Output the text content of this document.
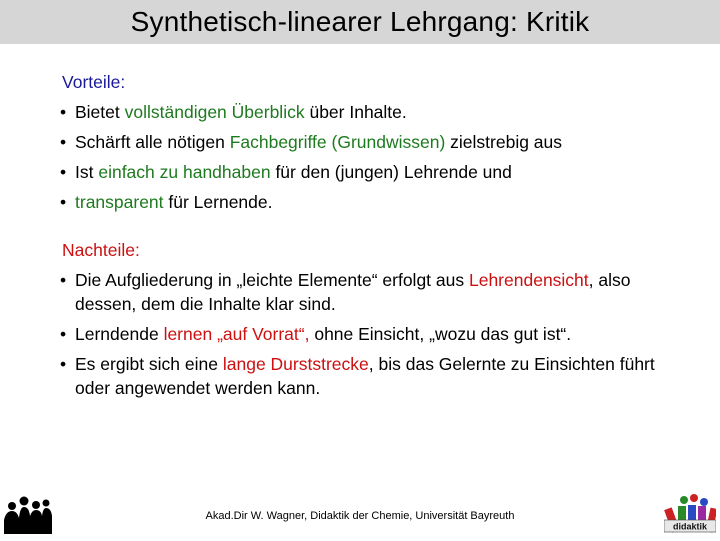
Synthetisch-linearer Lehrgang: Kritik
Vorteile:
• Bietet vollständigen Überblick über Inhalte.
• Schärft alle nötigen Fachbegriffe (Grundwissen) zielstrebig aus
• Ist einfach zu handhaben für den (jungen) Lehrende und
• transparent für Lernende.
Nachteile:
• Die Aufgliederung in „leichte Elemente“ erfolgt aus Lehrendensicht, also dessen, dem die Inhalte klar sind.
• Lerndende lernen „auf Vorrat“, ohne Einsicht, „wozu das gut ist“.
• Es ergibt sich eine lange Durststrecke, bis das Gelernte zu Einsichten führt oder angewendet werden kann.
Akad.Dir W. Wagner, Didaktik der Chemie, Universität Bayreuth
didaktik
